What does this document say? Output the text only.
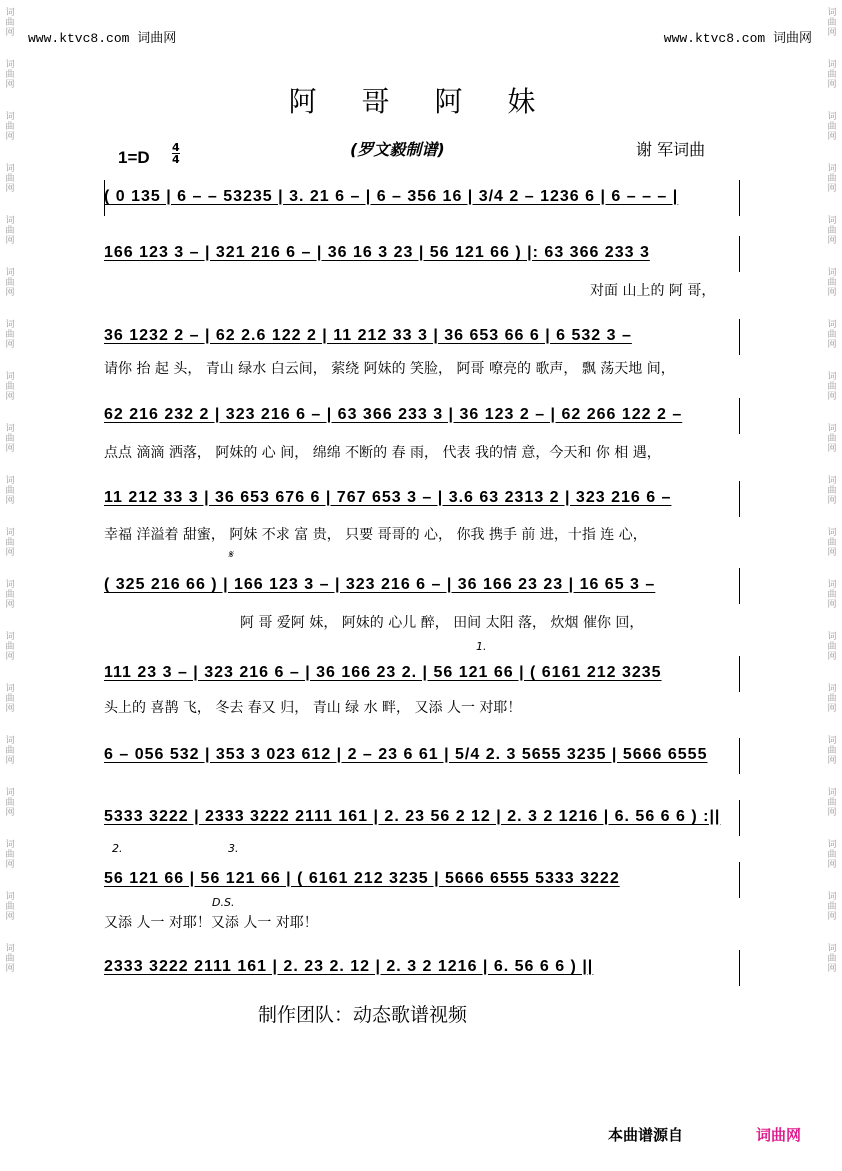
www.ktvc8.com 词曲网	www.ktvc8.com 词曲网
词
曲
网
词
曲
网
词
曲
网
词
曲
网
词
曲
网
词
曲
网
词
曲
网
词
曲
网
词
曲
网
词
曲
网
词
曲
网
词
曲
网
词
曲
网
词
曲
网
词
曲
网
词
曲
网
词
曲
网
词
曲
网
词
曲
网
词
曲
网
词
曲
网
词
曲
网
词
曲
网
词
曲
网
词
曲
网
词
曲
网
词
曲
网
词
曲
网
词
曲
网
词
曲
网
词
曲
网
词
曲
网
词
曲
网
词
曲
网
词
曲
网
词
曲
网
词
曲
网
词
曲
网
阿 哥 阿 妹
1=D
4
4
(罗文毅制谱)	谢 军词曲
( 0 135 | 6 – – 53235 | 3. 21 6 – | 6 – 356 16 | 3/4 2 – 1236 6 | 6 – – – |
166 123 3 – | 321 216 6 – | 36 16 3 23 | 56 121 66 ) |: 63 366 233 3
对面 山上的 阿 哥，
36 1232 2 – | 62 2.6 122 2 | 11 212 33 3 | 36 653 66 6 | 6 532 3 –
请你 抬 起 头， 青山 绿水 白云间， 萦绕 阿妹的 笑脸， 阿哥 嘹亮的 歌声， 飘 荡天地 间，
62 216 232 2 | 323 216 6 – | 63 366 233 3 | 36 123 2 – | 62 266 122 2 –
点点 滴滴 洒落， 阿妹的 心 间， 绵绵 不断的 春 雨， 代表 我的情 意，今天和 你 相 遇，
11 212 33 3 | 36 653 676 6 | 767 653 3 – | 3.6 63 2313 2 | 323 216 6 –
幸福 洋溢着 甜蜜， 阿妹 不求 富 贵， 只要 哥哥的 心， 你我 携手 前 进，十指 连 心，
𝄋
( 325 216 66 ) | 166 123 3 – | 323 216 6 – | 36 166 23 23 | 16 65 3 –
阿 哥 爱阿 妹， 阿妹的 心儿 醉， 田间 太阳 落， 炊烟 催你 回，
1.
111 23 3 – | 323 216 6 – | 36 166 23 2. | 56 121 66 | ( 6161 212 3235
头上的 喜鹊 飞， 冬去 春又 归， 青山 绿 水 畔， 又添 人一 对耶！
6 – 056 532 | 353 3 023 612 | 2 – 23 6 61 | 5/4 2. 3 5655 3235 | 5666 6555
5333 3222 | 2333 3222 2111 161 | 2. 23 56 2 12 | 2. 3 2 1216 | 6. 56 6 6 ) :||
2.	3.
56 121 66 | 56 121 66 | ( 6161 212 3235 | 5666 6555 5333 3222
D.S.
又添 人一 对耶！又添 人一 对耶！
2333 3222 2111 161 | 2. 23 2. 12 | 2. 3 2 1216 | 6. 56 6 6 ) ||
制作团队：动态歌谱视频
本曲谱源自	词曲网
